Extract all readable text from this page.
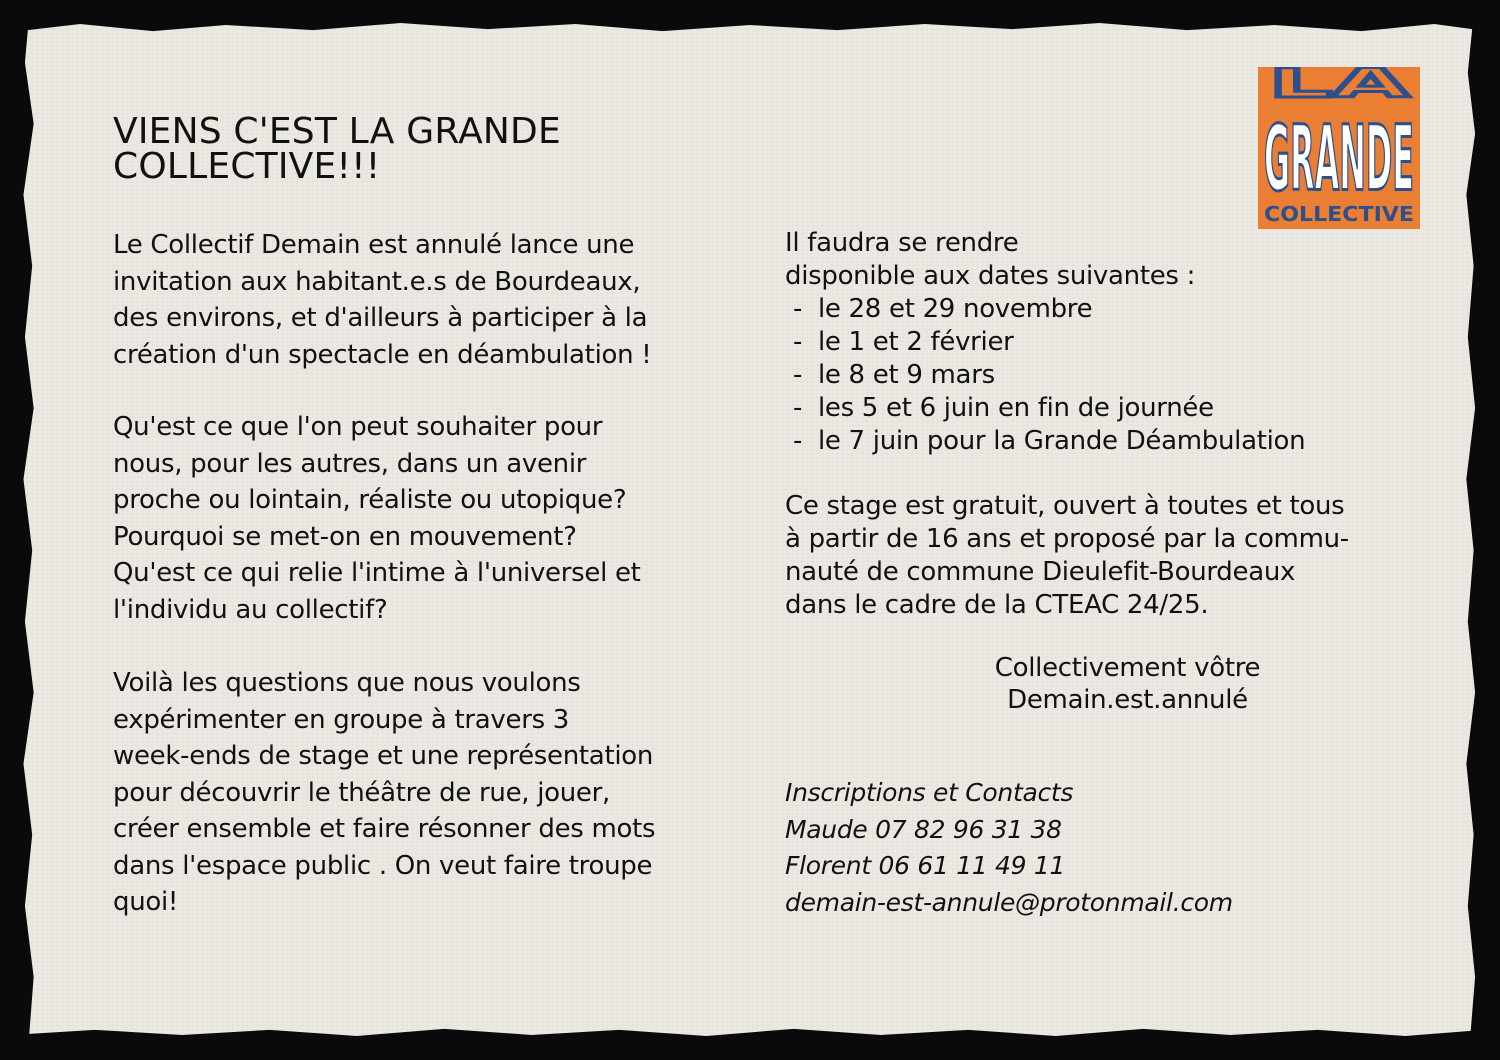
LA
GRANDE
COLLECTIVE
VIENS C'EST LA GRANDE
COLLECTIVE!!!
Le Collectif Demain est annulé lance une
invitation aux habitant.e.s de Bourdeaux,
des environs, et d'ailleurs à participer à la
création d'un spectacle en déambulation !
Qu'est ce que l'on peut souhaiter pour
nous, pour les autres, dans un avenir
proche ou lointain, réaliste ou utopique?
Pourquoi se met-on en mouvement?
Qu'est ce qui relie l'intime à l'universel et
l'individu au collectif?
Voilà les questions que nous voulons
expérimenter en groupe à travers 3
week-ends de stage et une représentation
pour découvrir le théâtre de rue, jouer,
créer ensemble et faire résonner des mots
dans l'espace public . On veut faire troupe
quoi!
Il faudra se rendre
disponible aux dates suivantes :
-  le 28 et 29 novembre
-  le 1 et 2 février
-  le 8 et 9 mars
-  les 5 et 6 juin en fin de journée
-  le 7 juin pour la Grande Déambulation
Ce stage est gratuit, ouvert à toutes et tous
à partir de 16 ans et proposé par la commu-
nauté de commune Dieulefit-Bourdeaux
dans le cadre de la CTEAC 24/25.
Collectivement vôtre
Demain.est.annulé
Inscriptions et Contacts
Maude 07 82 96 31 38
Florent 06 61 11 49 11
demain-est-annule@protonmail.com
